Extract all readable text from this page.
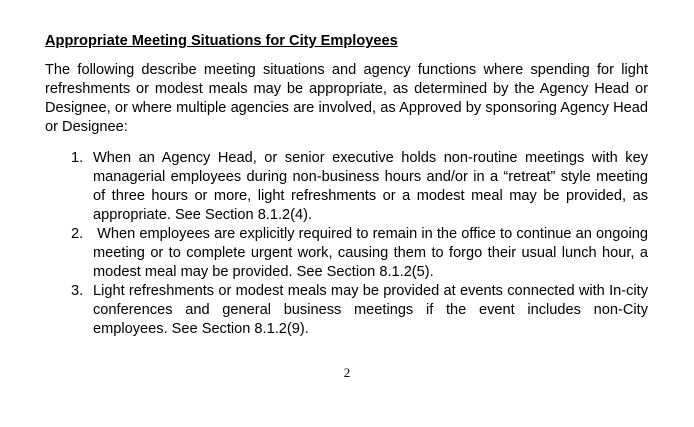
Appropriate Meeting Situations for City Employees

The following describe meeting situations and agency functions where spending for light refreshments or modest meals may be appropriate, as determined by the Agency Head or Designee, or where multiple agencies are involved, as Approved by sponsoring Agency Head or Designee:

1. When an Agency Head, or senior executive holds non-routine meetings with key managerial employees during non-business hours and/or in a “retreat” style meeting of three hours or more, light refreshments or a modest meal may be provided, as appropriate. See Section 8.1.2(4).
2. When employees are explicitly required to remain in the office to continue an ongoing meeting or to complete urgent work, causing them to forgo their usual lunch hour, a modest meal may be provided. See Section 8.1.2(5).
3. Light refreshments or modest meals may be provided at events connected with In-city conferences and general business meetings if the event includes non-City employees. See Section 8.1.2(9).
2
